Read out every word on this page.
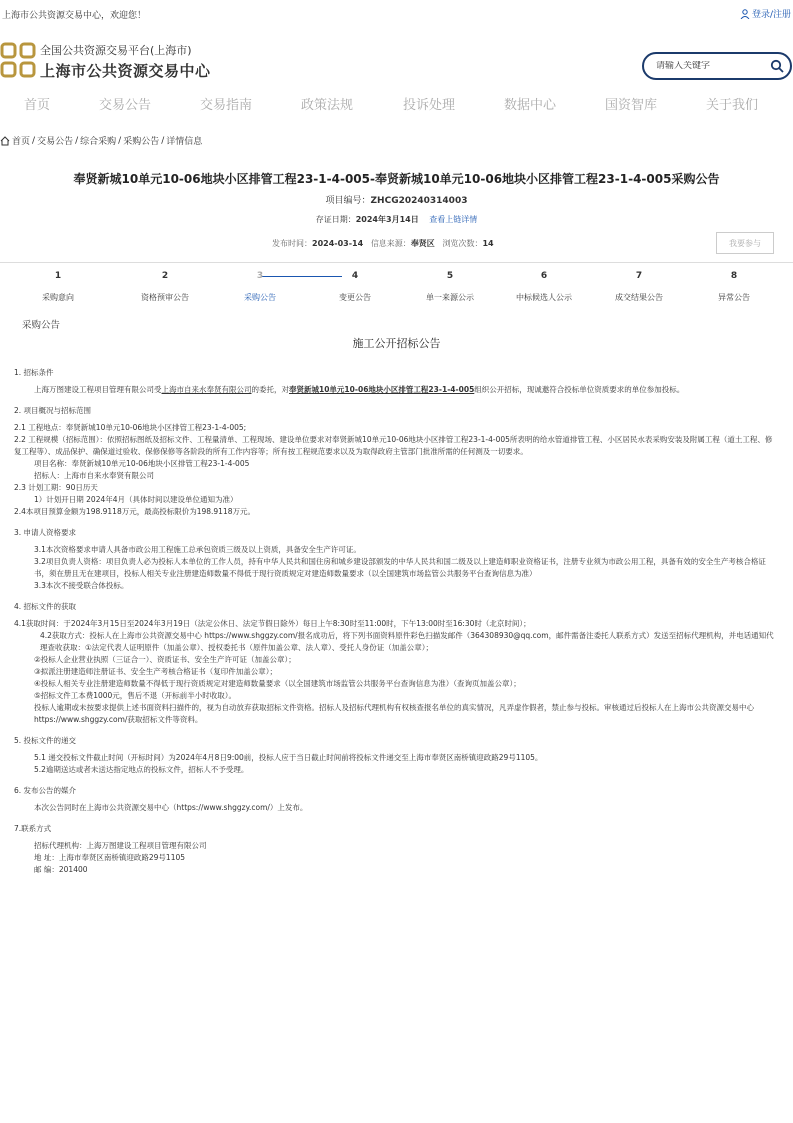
上海市公共资源交易中心，欢迎您！	登录/注册
全国公共资源交易平台(上海市)
上海市公共资源交易中心
请输入关键字
首页	交易公告	交易指南	政策法规	投诉处理	数据中心	国资智库	关于我们
首页 / 交易公告 / 综合采购 / 采购公告 / 详情信息
奉贤新城10单元10-06地块小区排管工程23-1-4-005-奉贤新城10单元10-06地块小区排管工程23-1-4-005采购公告
项目编号：ZHCG20240314003
存证日期：2024年3月14日 查看上链详情
发布时间：2024-03-14 信息来源：奉贤区 浏览次数：14	我要参与
1	2	3	4	5	6	7	8
采购意向	资格预审公告	采购公告	变更公告	单一来源公示	中标候选人公示	成交结果公告	异常公告
采购公告
施工公开招标公告

1. 招标条件

上海万图建设工程项目管理有限公司受上海市自来水奉贤有限公司的委托，对奉贤新城10单元10-06地块小区排管工程23-1-4-005组织公开招标，现诚邀符合投标单位资质要求的单位参加投标。

2. 项目概况与招标范围

2.1 工程地点：奉贤新城10单元10-06地块小区排管工程23-1-4-005;

2.2 工程规模（招标范围）：依照招标图纸及招标文件、工程量清单、工程现场、建设单位要求对奉贤新城10单元10-06地块小区排管工程23-1-4-005所表明的给水管道排管工程、小区居民水表采购安装及附属工程（道土工程、修复工程等）、成品保护、确保道过验收、保修保修等各阶段的所有工作内容等；所有按工程规范要求以及为取得政府主管部门批准所需的任何测及一切要求。

项目名称：奉贤新城10单元10-06地块小区排管工程23-1-4-005

招标人：上海市自来水奉贤有限公司

2.3 计划工期：90日历天

1）计划开日期 2024年4月（具体时间以建设单位通知为准）

2.4本项目预算金额为198.9118万元，最高投标限价为198.9118万元。

3. 申请人资格要求

3.1本次资格要求申请人具备市政公用工程施工总承包资质三级及以上资质，具备安全生产许可证。

3.2项目负责人资格：项目负责人必为投标人本单位的工作人员，持有中华人民共和国住房和城乡建设部颁发的中华人民共和国二级及以上建造师职业资格证书，注册专业须为市政公用工程，具备有效的安全生产考核合格证书，须在册且无在建项目，投标人相关专业注册建造师数量不得低于现行资质规定对建造师数量要求（以全国建筑市场监管公共服务平台查询信息为准）

3.3本次不接受联合体投标。

4. 招标文件的获取

4.1获取时间：于2024年3月15日至2024年3月19日（法定公休日、法定节假日除外）每日上午8:30时至11:00时，下午13:00时至16:30时（北京时间）；

4.2获取方式：投标人在上海市公共资源交易中心 https://www.shggzy.com/报名成功后，将下列书面资料原件彩色扫描发邮件（364308930@qq.com，邮件需备注委托人联系方式）发送至招标代理机构，并电话通知代理查收获取：①法定代表人证明原件（加盖公章）、授权委托书（原件加盖公章、法人章）、受托人身份证（加盖公章）；

②投标人企业营业执照（三证合一）、资质证书、安全生产许可证（加盖公章）；

③拟派注册建造师注册证书、安全生产考核合格证书（复印件加盖公章）；

④投标人相关专业注册建造师数量不得低于现行资质规定对建造师数量要求（以全国建筑市场监管公共服务平台查询信息为准）（查询页加盖公章）；

⑤招标文件工本费1000元，售后不退（开标前半小时收取）。

投标人逾期或未按要求提供上述书面资料扫描件的，视为自动放弃获取招标文件资格。招标人及招标代理机构有权核查报名单位的真实情况，凡弄虚作假者，禁止参与投标。审核通过后投标人在上海市公共资源交易中心 https://www.shggzy.com/获取招标文件等资料。

5. 投标文件的递交

5.1 递交投标文件截止时间（开标时间）为2024年4月8日9:00前，投标人应于当日截止时间前将投标文件递交至上海市奉贤区南桥镇迎政路29号1105。

5.2逾期送达或者未送达指定地点的投标文件，招标人不予受理。

6. 发布公告的媒介

本次公告同时在上海市公共资源交易中心（https://www.shggzy.com/）上发布。

7.联系方式

招标代理机构：上海万图建设工程项目管理有限公司

地 址：上海市奉贤区南桥镇迎政路29号1105

邮 编：201400
